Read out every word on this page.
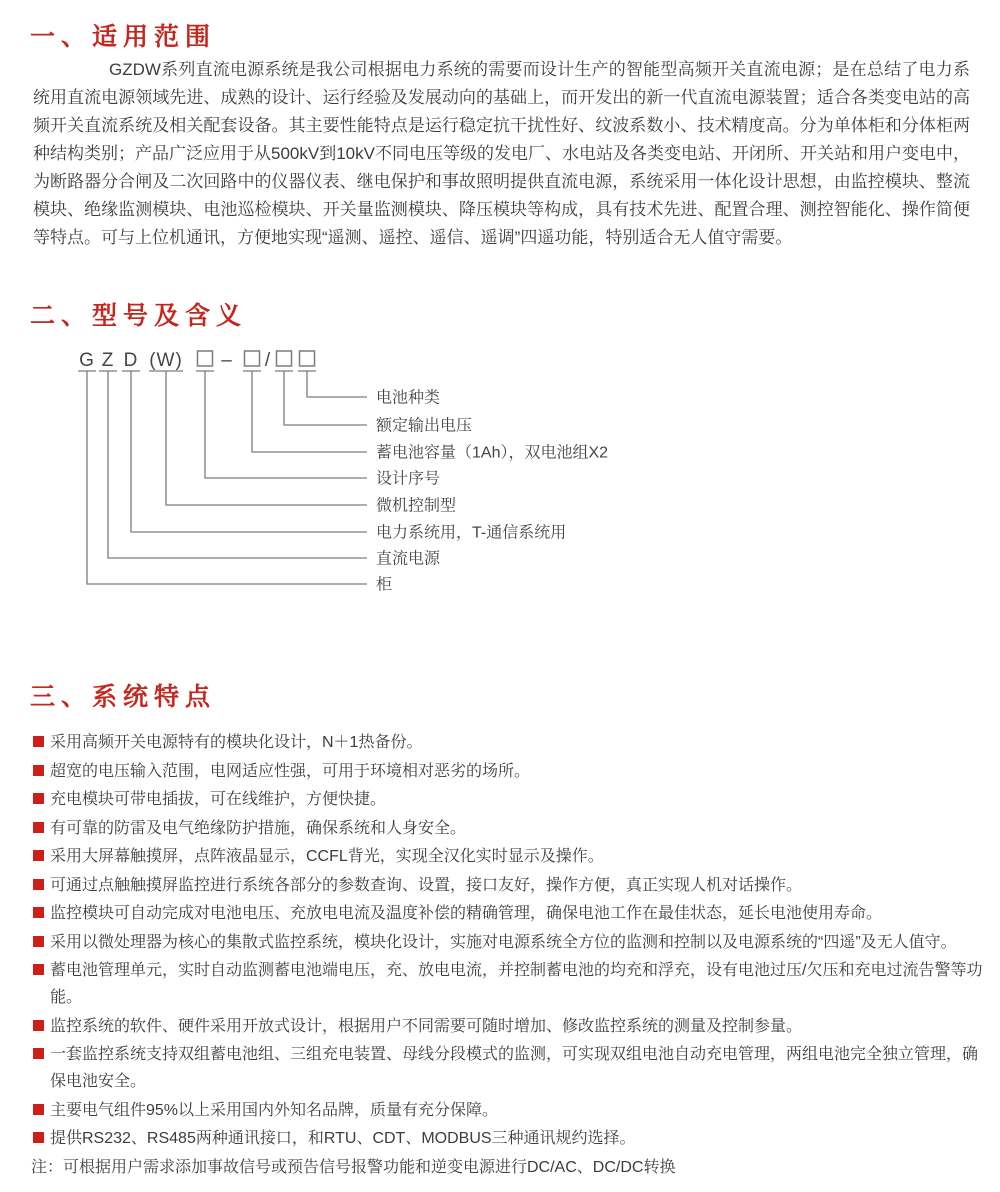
一、适用范围

GZDW系列直流电源系统是我公司根据电力系统的需要而设计生产的智能型高频开关直流电源；是在总结了电力系统用直流电源领域先进、成熟的设计、运行经验及发展动向的基础上，而开发出的新一代直流电源装置；适合各类变电站的高频开关直流系统及相关配套设备。其主要性能特点是运行稳定抗干扰性好、纹波系数小、技术精度高。分为单体柜和分体柜两种结构类别；产品广泛应用于从500kV到10kV不同电压等级的发电厂、水电站及各类变电站、开闭所、开关站和用户变电中，为断路器分合闸及二次回路中的仪器仪表、继电保护和事故照明提供直流电源，系统采用一体化设计思想，由监控模块、整流模块、绝缘监测模块、电池巡检模块、开关量监测模块、降压模块等构成，具有技术先进、配置合理、测控智能化、操作简便等特点。可与上位机通讯，方便地实现“遥测、遥控、遥信、遥调”四遥功能，特别适合无人值守需要。

二、型号及含义
G Z D (W) – /
电池种类
额定输出电压
蓄电池容量（1Ah），双电池组X2
设计序号
微机控制型
电力系统用，T-通信系统用
直流电源
柜
三、系统特点
采用高频开关电源特有的模块化设计，N＋1热备份。
超宽的电压输入范围，电网适应性强，可用于环境相对恶劣的场所。
充电模块可带电插拔，可在线维护，方便快捷。
有可靠的防雷及电气绝缘防护措施，确保系统和人身安全。
采用大屏幕触摸屏，点阵液晶显示，CCFL背光，实现全汉化实时显示及操作。
可通过点触触摸屏监控进行系统各部分的参数查询、设置，接口友好，操作方便，真正实现人机对话操作。
监控模块可自动完成对电池电压、充放电电流及温度补偿的精确管理，确保电池工作在最佳状态，延长电池使用寿命。
采用以微处理器为核心的集散式监控系统，模块化设计，实施对电源系统全方位的监测和控制以及电源系统的“四遥”及无人值守。
蓄电池管理单元，实时自动监测蓄电池端电压，充、放电电流，并控制蓄电池的均充和浮充，设有电池过压/欠压和充电过流告警等功能。
监控系统的软件、硬件采用开放式设计，根据用户不同需要可随时增加、修改监控系统的测量及控制参量。
一套监控系统支持双组蓄电池组、三组充电装置、母线分段模式的监测，可实现双组电池自动充电管理，两组电池完全独立管理，确保电池安全。
主要电气组件95%以上采用国内外知名品牌，质量有充分保障。
提供RS232、RS485两种通讯接口，和RTU、CDT、MODBUS三种通讯规约选择。

注：可根据用户需求添加事故信号或预告信号报警功能和逆变电源进行DC/AC、DC/DC转换
